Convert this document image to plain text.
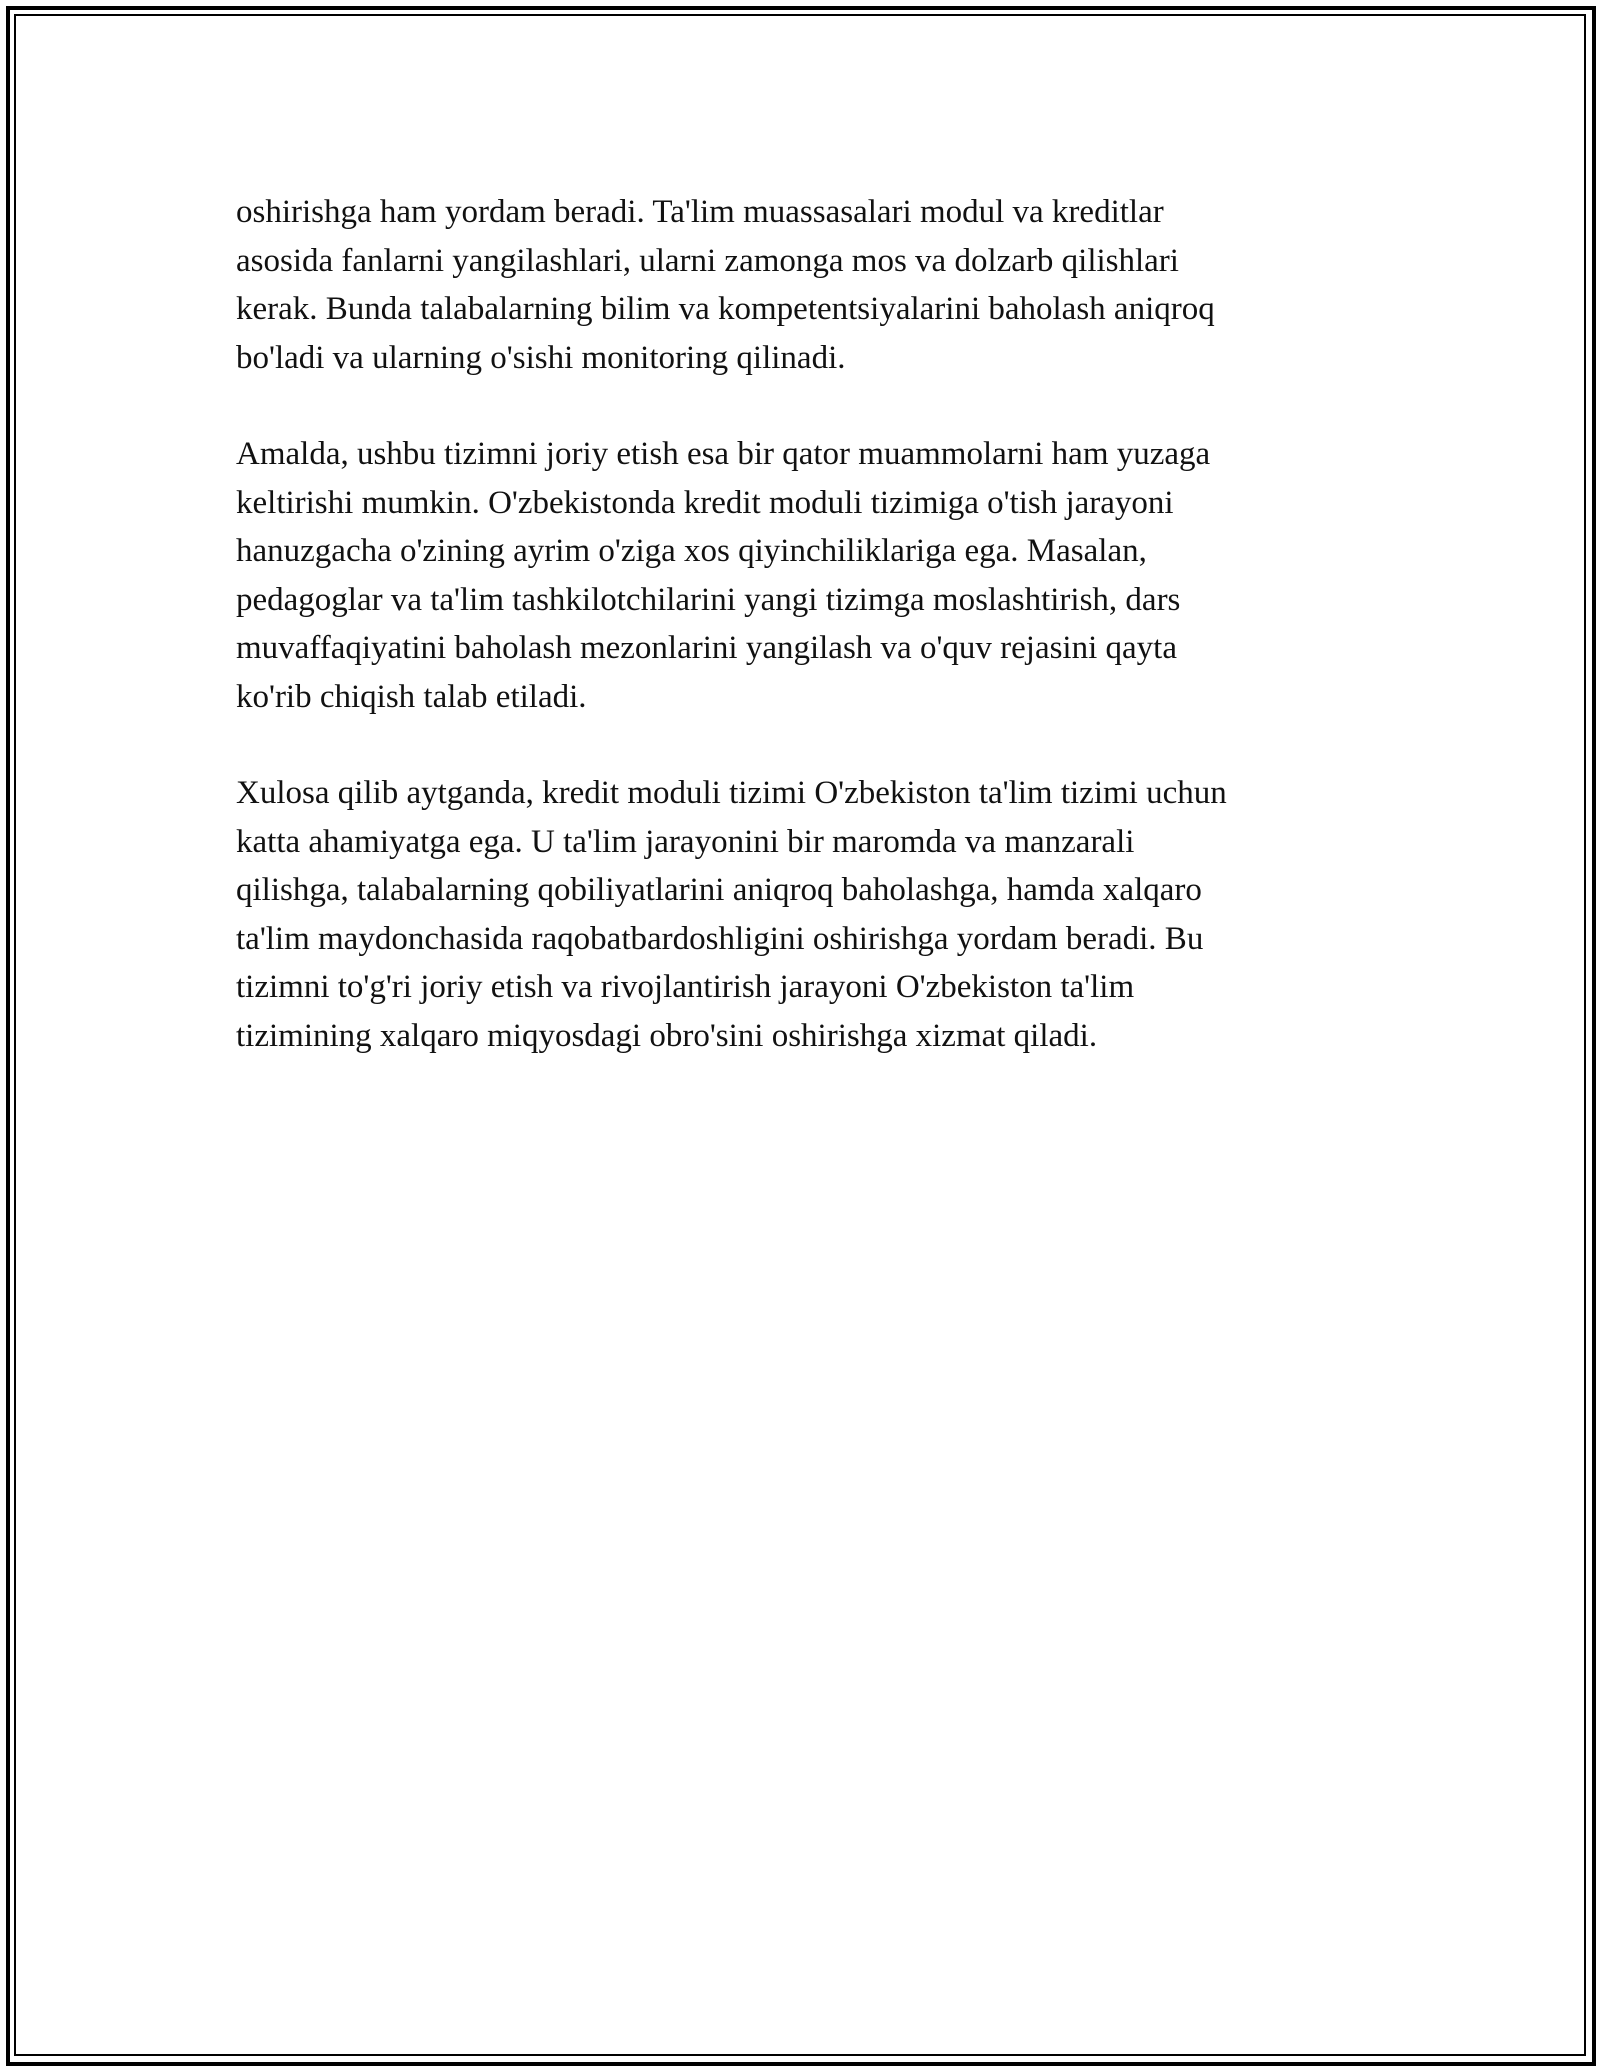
oshirishga ham yordam beradi. Ta'lim muassasalari modul va kreditlar
asosida fanlarni yangilashlari, ularni zamonga mos va dolzarb qilishlari
kerak. Bunda talabalarning bilim va kompetentsiyalarini baholash aniqroq
bo'ladi va ularning o'sishi monitoring qilinadi.

Amalda, ushbu tizimni joriy etish esa bir qator muammolarni ham yuzaga
keltirishi mumkin. O'zbekistonda kredit moduli tizimiga o'tish jarayoni
hanuzgacha o'zining ayrim o'ziga xos qiyinchiliklariga ega. Masalan,
pedagoglar va ta'lim tashkilotchilarini yangi tizimga moslashtirish, dars
muvaffaqiyatini baholash mezonlarini yangilash va o'quv rejasini qayta
ko'rib chiqish talab etiladi.

Xulosa qilib aytganda, kredit moduli tizimi O'zbekiston ta'lim tizimi uchun
katta ahamiyatga ega. U ta'lim jarayonini bir maromda va manzarali
qilishga, talabalarning qobiliyatlarini aniqroq baholashga, hamda xalqaro
ta'lim maydonchasida raqobatbardoshligini oshirishga yordam beradi. Bu
tizimni to'g'ri joriy etish va rivojlantirish jarayoni O'zbekiston ta'lim
tizimining xalqaro miqyosdagi obro'sini oshirishga xizmat qiladi.
